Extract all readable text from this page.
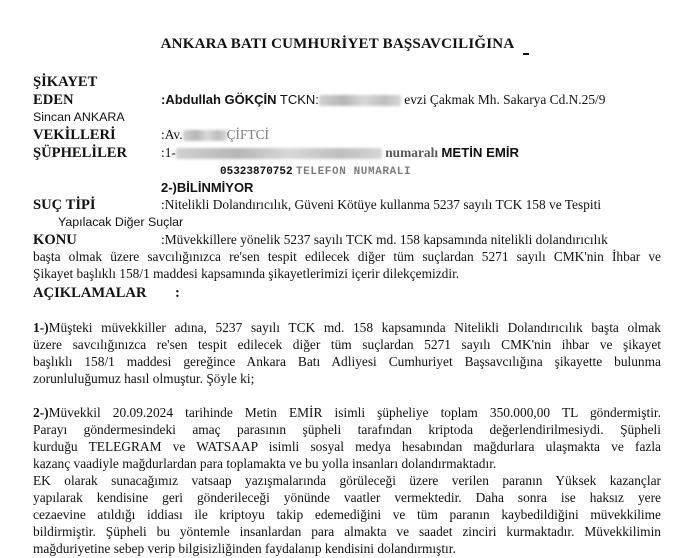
ANKARA BATI CUMHURİYET BAŞSAVCILIĞINA
ŞİKAYET
EDEN	:Abdullah GÖKÇİN TCKN:	evzi Çakmak Mh. Sakarya Cd.N.25/9
Sincan ANKARA
VEKİLLERİ	:Av.	ÇİFTCİ
ŞÜPHELİLER	:1-	numaralı METİN EMİR
05323870752 TELEFON NUMARALI
2-)BİLİNMİYOR
SUÇ TİPİ	:Nitelikli Dolandırıcılık, Güveni Kötüye kullanma 5237 sayılı TCK 158 ve Tespiti
Yapılacak Diğer Suçlar
KONU	:Müvekkillere yönelik 5237 sayılı TCK md. 158 kapsamında nitelikli dolandırıcılık
başta olmak üzere savcılığınızca re'sen tespit edilecek diğer tüm suçlardan 5271 sayılı CMK'nin İhbar ve
Şikayet başlıklı 158/1 maddesi kapsamında şikayetlerimizi içerir dilekçemizdir.
AÇIKLAMALAR :
1-)Müşteki müvekkiller adına, 5237 sayılı TCK md. 158 kapsamında Nitelikli Dolandırıcılık başta olmak
üzere savcılığınızca re'sen tespit edilecek diğer tüm suçlardan 5271 sayılı CMK'nin ihbar ve şikayet
başlıklı 158/1 maddesi gereğince Ankara Batı Adliyesi Cumhuriyet Başsavcılığına şikayette bulunma
zorunluluğumuz hasıl olmuştur. Şöyle ki;
2-)Müvekkil 20.09.2024 tarihinde Metin EMİR isimli şüpheliye toplam 350.000,00 TL göndermiştir.
Parayı göndermesindeki amaç parasının şüpheli tarafından kriptoda değerlendirilmesiydi. Şüpheli
kurduğu TELEGRAM ve WATSAAP isimli sosyal medya hesabından mağdurlara ulaşmakta ve fazla
kazanç vaadiyle mağdurlardan para toplamakta ve bu yolla insanları dolandırmaktadır.
EK olarak sunacağımız vatsaap yazışmalarında görüleceği üzere verilen paranın Yüksek kazançlar
yapılarak kendisine geri gönderileceği yönünde vaatler vermektedir. Daha sonra ise haksız yere
cezaevine atıldığı iddiası ile kriptoyu takip edemediğini ve tüm paranın kaybedildiğini müvekkilime
bildirmiştir. Şüpheli bu yöntemle insanlardan para almakta ve saadet zinciri kurmaktadır. Müvekkilimin
mağduriyetine sebep verip bilgisizliğinden faydalanıp kendisini dolandırmıştır.
